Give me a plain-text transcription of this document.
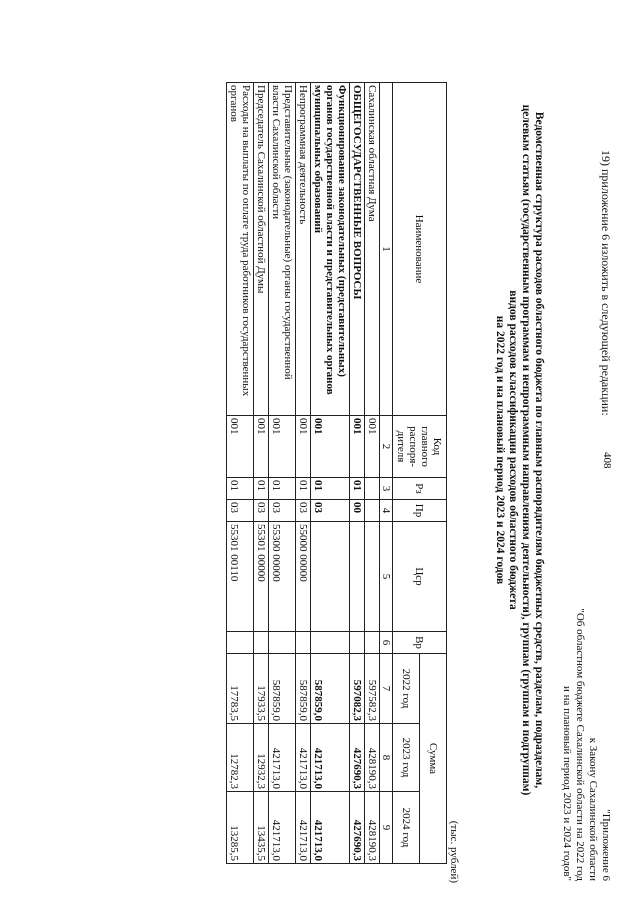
408
19) приложение 6 изложить в следующей редакции:
"Приложение 6
к Закону Сахалинской области
"Об областном бюджете Сахалинской области на 2022 год
и на плановый период 2023 и 2024 годов"
Ведомственная структура расходов областного бюджета по главным распорядителям бюджетных средств, разделам, подразделам,
целевым статьям (государственным программам и непрограммным направлениям деятельности), группам (группам и подгруппам)
видов расходов классификации расходов областного бюджета
на 2022 год и на плановый период 2023 и 2024 годов
(тыс. рублей)
Наименование	Код главного распоря-дителя	Рз	Пр	Цср	Вр	Сумма		
						2022 год	2023 год	2024 год
1	2	3	4	5	6	7	8	9
Сахалинская областная Дума	001					597582,3	428190,3	428190,3
ОБЩЕГОСУДАРСТВЕННЫЕ ВОПРОСЫ	001	01	00			597082,3	427690,3	427690,3
Функционирование законодательных (представительных) органов государственной власти и представительных органов муниципальных образований	001	01	03			587859,0	421713,0	421713,0
Непрограммная деятельность	001	01	03	55000 00000		587859,0	421713,0	421713,0
Представительные (законодательные) органы государственной власти Сахалинской области	001	01	03	55300 00000		587859,0	421713,0	421713,0
Председатель Сахалинской областной Думы	001	01	03	55301 00000		17933,5	12932,3	13435,5
Расходы на выплаты по оплате труда работников государственных органов	001	01	03	55301 00110		17783,5	12782,3	13285,5
